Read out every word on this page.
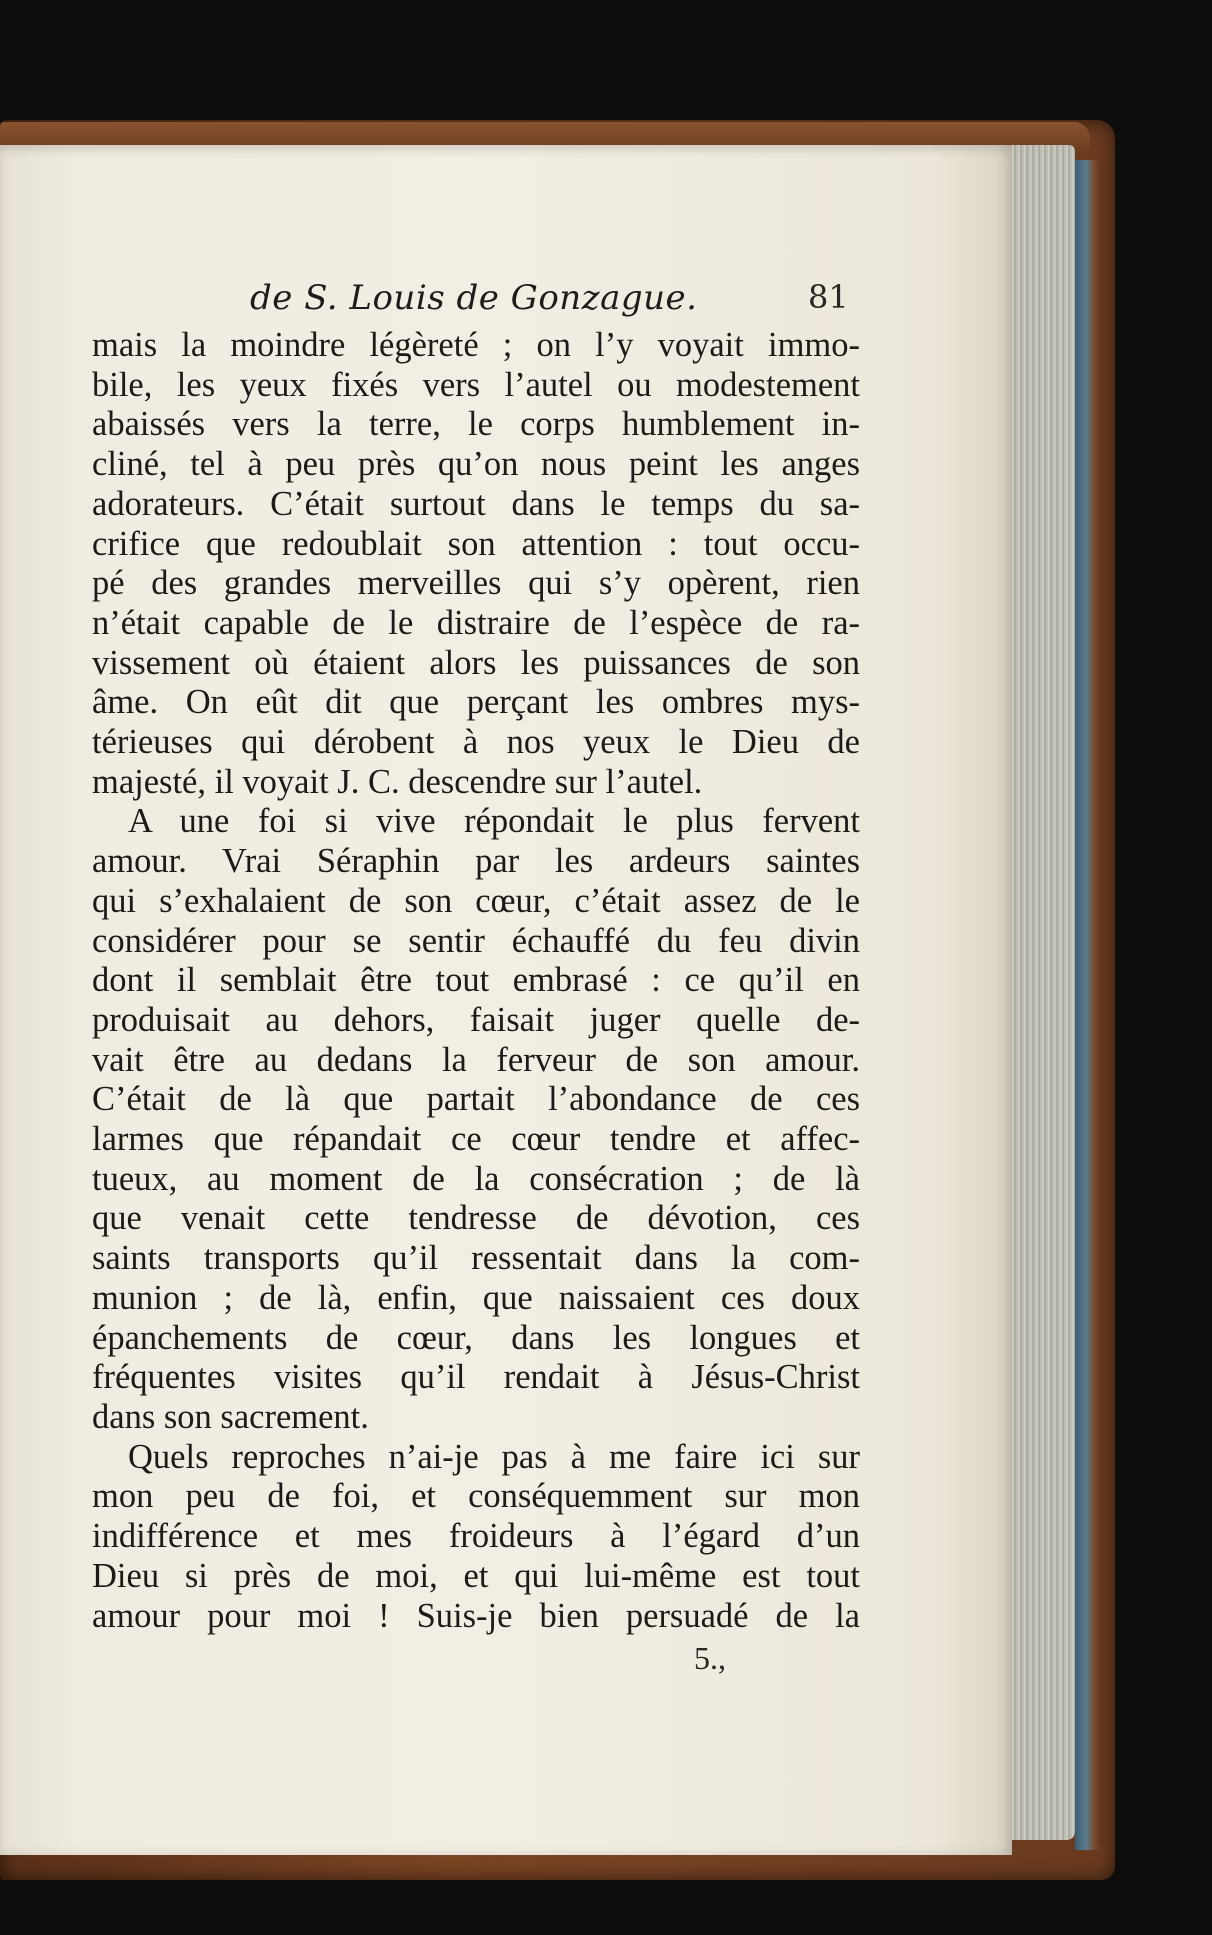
de S. Louis de Gonzague.	81
mais la moindre légèreté ; on l’y voyait immo-
bile, les yeux fixés vers l’autel ou modestement
abaissés vers la terre, le corps humblement in-
cliné, tel à peu près qu’on nous peint les anges
adorateurs. C’était surtout dans le temps du sa-
crifice que redoublait son attention : tout occu-
pé des grandes merveilles qui s’y opèrent, rien
n’était capable de le distraire de l’espèce de ra-
vissement où étaient alors les puissances de son
âme. On eût dit que perçant les ombres mys-
térieuses qui dérobent à nos yeux le Dieu de
majesté, il voyait J. C. descendre sur l’autel.
A une foi si vive répondait le plus fervent
amour. Vrai Séraphin par les ardeurs saintes
qui s’exhalaient de son cœur, c’était assez de le
considérer pour se sentir échauffé du feu divin
dont il semblait être tout embrasé : ce qu’il en
produisait au dehors, faisait juger quelle de-
vait être au dedans la ferveur de son amour.
C’était de là que partait l’abondance de ces
larmes que répandait ce cœur tendre et affec-
tueux, au moment de la consécration ; de là
que venait cette tendresse de dévotion, ces
saints transports qu’il ressentait dans la com-
munion ; de là, enfin, que naissaient ces doux
épanchements de cœur, dans les longues et
fréquentes visites qu’il rendait à Jésus-Christ
dans son sacrement.
Quels reproches n’ai-je pas à me faire ici sur
mon peu de foi, et conséquemment sur mon
indifférence et mes froideurs à l’égard d’un
Dieu si près de moi, et qui lui-même est tout
amour pour moi ! Suis-je bien persuadé de la
5.,
